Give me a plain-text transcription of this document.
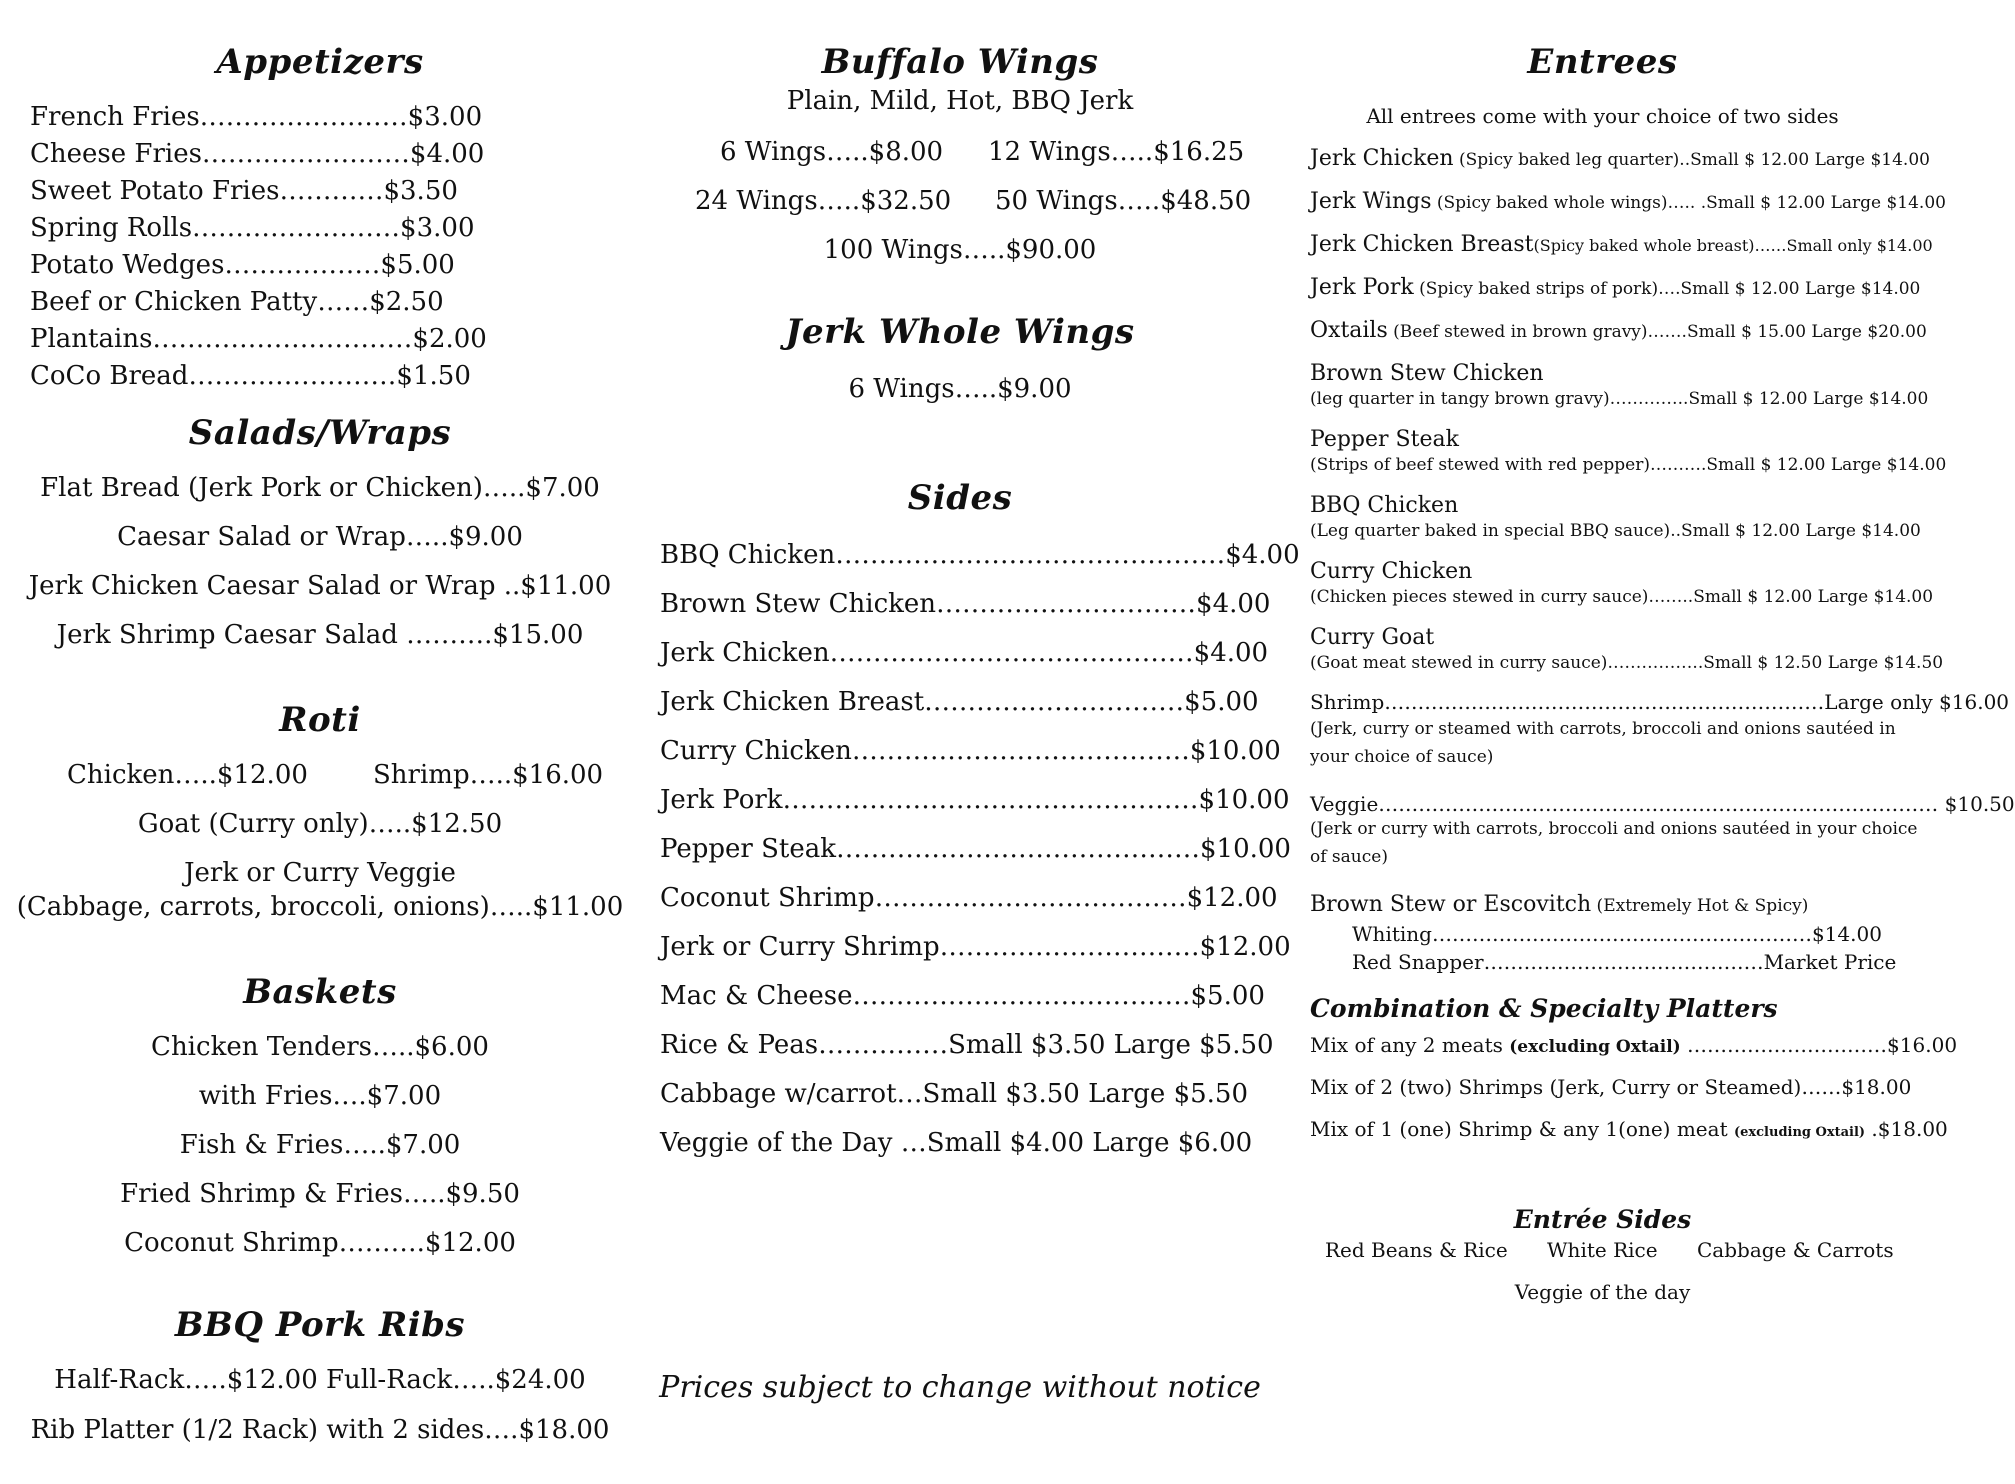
Appetizers
French Fries……………………$3.00
Cheese Fries……………………$4.00
Sweet Potato Fries…………$3.50
Spring Rolls……………………$3.00
Potato Wedges………………$5.00
Beef or Chicken Patty……$2.50
Plantains…………………………$2.00
CoCo Bread……………………$1.50
Salads/Wraps
Flat Bread (Jerk Pork or Chicken)…..$7.00
Caesar Salad or Wrap…..$9.00
Jerk Chicken Caesar Salad or Wrap ..$11.00
Jerk Shrimp Caesar Salad ……….$15.00
Roti
Chicken…..$12.00	Shrimp…..$16.00
Goat (Curry only)…..$12.50
Jerk or Curry Veggie
(Cabbage, carrots, broccoli, onions)…..$11.00
Baskets
Chicken Tenders…..$6.00
with Fries….$7.00
Fish & Fries…..$7.00
Fried Shrimp & Fries…..$9.50
Coconut Shrimp……….$12.00
BBQ Pork Ribs
Half-Rack…..$12.00 Full-Rack…..$24.00
Rib Platter (1/2 Rack) with 2 sides….$18.00
Buffalo Wings
Plain, Mild, Hot, BBQ Jerk
6 Wings…..$8.00 12 Wings…..$16.25
24 Wings…..$32.50 50 Wings…..$48.50
100 Wings…..$90.00
Jerk Whole Wings
6 Wings…..$9.00
Sides
BBQ Chicken………………………………………$4.00
Brown Stew Chicken…………………………$4.00
Jerk Chicken……………………………………$4.00
Jerk Chicken Breast…………………………$5.00
Curry Chicken…………………………………$10.00
Jerk Pork…………………………………………$10.00
Pepper Steak……………………………………$10.00
Coconut Shrimp………………………………$12.00
Jerk or Curry Shrimp…………………………$12.00
Mac & Cheese…………………………………$5.00
Rice & Peas……………Small $3.50 Large $5.50
Cabbage w/carrot…Small $3.50 Large $5.50
Veggie of the Day …Small $4.00 Large $6.00
Prices subject to change without notice
Entrees
All entrees come with your choice of two sides
Jerk Chicken (Spicy baked leg quarter)..Small $ 12.00 Large $14.00
Jerk Wings (Spicy baked whole wings)….. .Small $ 12.00 Large $14.00
Jerk Chicken Breast(Spicy baked whole breast)……Small only $14.00
Jerk Pork (Spicy baked strips of pork)….Small $ 12.00 Large $14.00
Oxtails (Beef stewed in brown gravy)…….Small $ 15.00 Large $20.00
Brown Stew Chicken
(leg quarter in tangy brown gravy)…………..Small $ 12.00 Large $14.00
Pepper Steak
(Strips of beef stewed with red pepper)……….Small $ 12.00 Large $14.00
BBQ Chicken
(Leg quarter baked in special BBQ sauce)..Small $ 12.00 Large $14.00
Curry Chicken
(Chicken pieces stewed in curry sauce)……..Small $ 12.00 Large $14.00
Curry Goat
(Goat meat stewed in curry sauce)……………..Small $ 12.50 Large $14.50
Shrimp…………………………………………………………Large only $16.00
(Jerk, curry or steamed with carrots, broccoli and onions sautéed in
your choice of sauce)
Veggie………………………………………………………………………… $10.50
(Jerk or curry with carrots, broccoli and onions sautéed in your choice
of sauce)
Brown Stew or Escovitch (Extremely Hot & Spicy)
Whiting…………………………………………………$14.00
Red Snapper……………………………………Market Price
Combination & Specialty Platters
Mix of any 2 meats (excluding Oxtail) …………………………$16.00
Mix of 2 (two) Shrimps (Jerk, Curry or Steamed)……$18.00
Mix of 1 (one) Shrimp & any 1(one) meat (excluding Oxtail) .$18.00
Entrée Sides
Red Beans & Rice White Rice Cabbage & Carrots
Veggie of the day
